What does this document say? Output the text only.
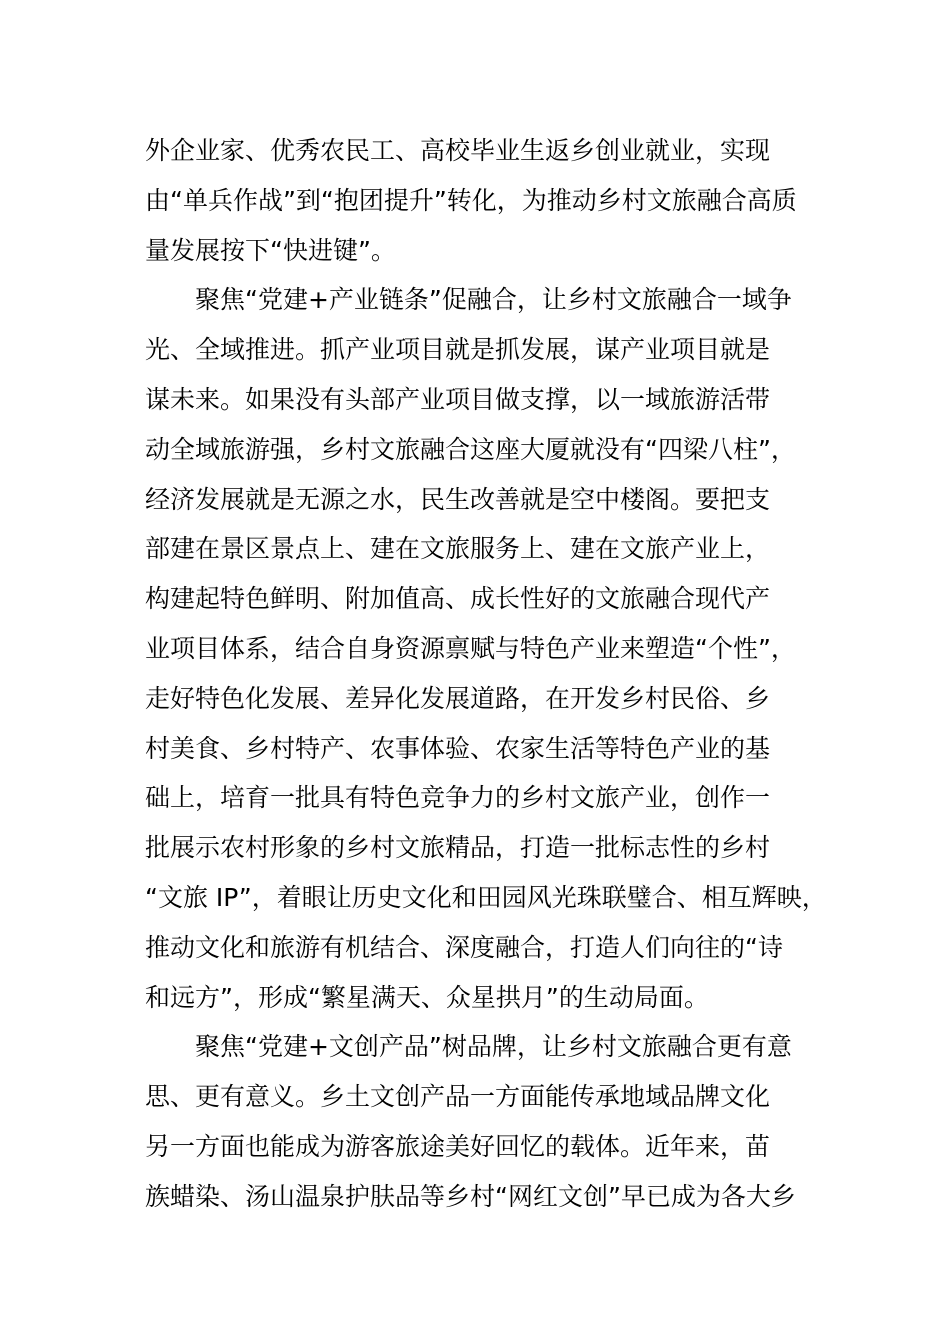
外企业家、优秀农民工、高校毕业生返乡创业就业，实现

由“单兵作战”到“抱团提升”转化，为推动乡村文旅融合高质

量发展按下“快进键”。

聚焦“党建+产业链条”促融合，让乡村文旅融合一域争

光、全域推进。抓产业项目就是抓发展，谋产业项目就是

谋未来。如果没有头部产业项目做支撑，以一域旅游活带

动全域旅游强，乡村文旅融合这座大厦就没有“四梁八柱”，

经济发展就是无源之水，民生改善就是空中楼阁。要把支

部建在景区景点上、建在文旅服务上、建在文旅产业上，

构建起特色鲜明、附加值高、成长性好的文旅融合现代产

业项目体系，结合自身资源禀赋与特色产业来塑造“个性”，

走好特色化发展、差异化发展道路，在开发乡村民俗、乡

村美食、乡村特产、农事体验、农家生活等特色产业的基

础上，培育一批具有特色竞争力的乡村文旅产业，创作一

批展示农村形象的乡村文旅精品，打造一批标志性的乡村

“文旅 IP”，着眼让历史文化和田园风光珠联璧合、相互辉映，

推动文化和旅游有机结合、深度融合，打造人们向往的“诗

和远方”，形成“繁星满天、众星拱月”的生动局面。

聚焦“党建+文创产品”树品牌，让乡村文旅融合更有意

思、更有意义。乡土文创产品一方面能传承地域品牌文化

另一方面也能成为游客旅途美好回忆的载体。近年来，苗

族蜡染、汤山温泉护肤品等乡村“网红文创”早已成为各大乡
